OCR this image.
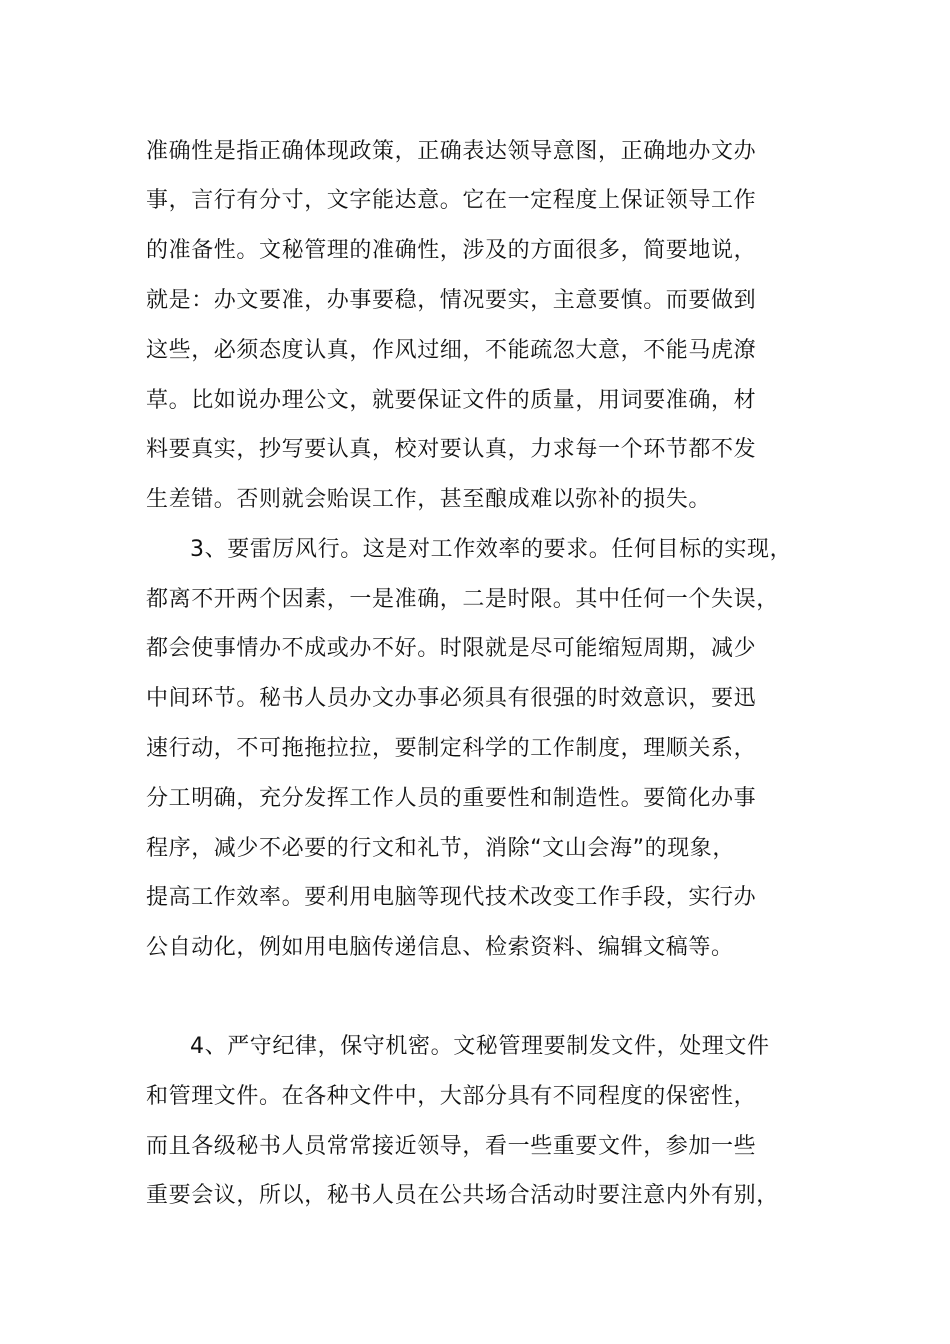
准确性是指正确体现政策，正确表达领导意图，正确地办文办
事，言行有分寸，文字能达意。它在一定程度上保证领导工作
的准备性。文秘管理的准确性，涉及的方面很多，简要地说，
就是：办文要准，办事要稳，情况要实，主意要慎。而要做到
这些，必须态度认真，作风过细，不能疏忽大意，不能马虎潦
草。比如说办理公文，就要保证文件的质量，用词要准确，材
料要真实，抄写要认真，校对要认真，力求每一个环节都不发
生差错。否则就会贻误工作，甚至酿成难以弥补的损失。
3、要雷厉风行。这是对工作效率的要求。任何目标的实现，
都离不开两个因素，一是准确，二是时限。其中任何一个失误，
都会使事情办不成或办不好。时限就是尽可能缩短周期，减少
中间环节。秘书人员办文办事必须具有很强的时效意识，要迅
速行动，不可拖拖拉拉，要制定科学的工作制度，理顺关系，
分工明确，充分发挥工作人员的重要性和制造性。要简化办事
程序，减少不必要的行文和礼节，消除“文山会海”的现象，
提高工作效率。要利用电脑等现代技术改变工作手段，实行办
公自动化，例如用电脑传递信息、检索资料、编辑文稿等。
4、严守纪律，保守机密。文秘管理要制发文件，处理文件
和管理文件。在各种文件中，大部分具有不同程度的保密性，
而且各级秘书人员常常接近领导，看一些重要文件，参加一些
重要会议，所以，秘书人员在公共场合活动时要注意内外有别，
